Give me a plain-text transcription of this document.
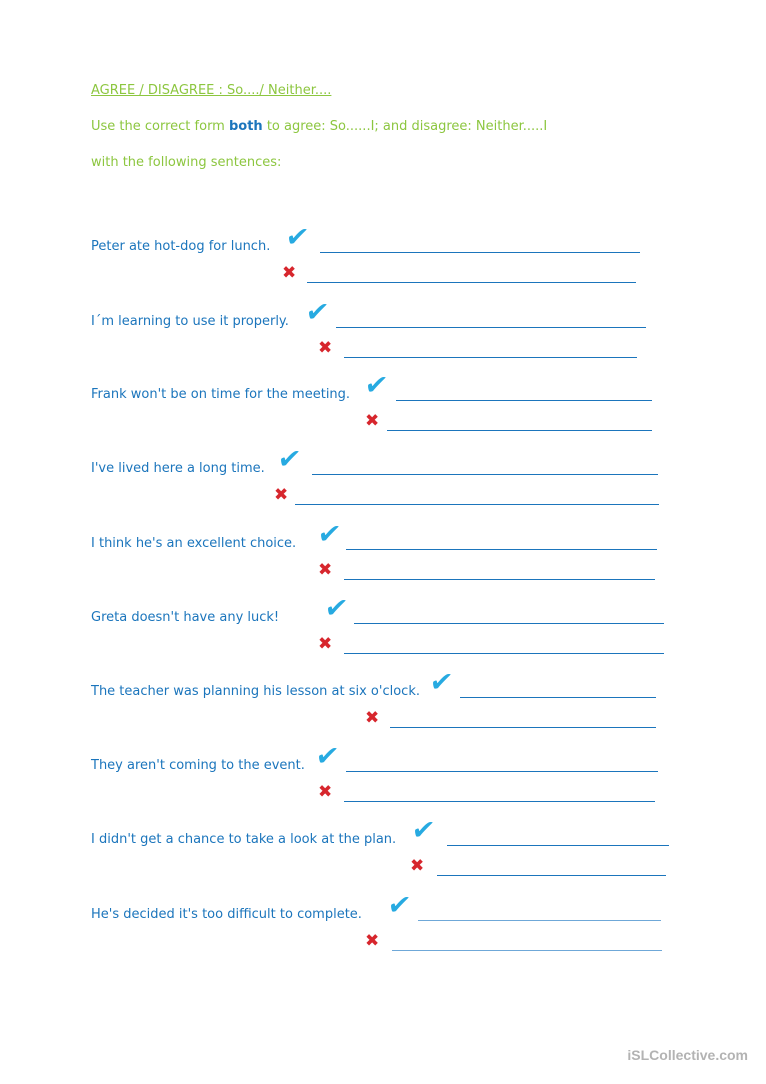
AGREE / DISAGREE : So..../ Neither....
Use the correct form both to agree: So......I; and disagree: Neither.....I
with the following sentences:
Peter ate hot-dog for lunch. ✔
✖
I´m learning to use it properly. ✔
✖
Frank won't be on time for the meeting. ✔
✖
I've lived here a long time. ✔
✖
I think he's an excellent choice. ✔
✖
Greta doesn't have any luck! ✔
✖
The teacher was planning his lesson at six o'clock. ✔
✖
They aren't coming to the event. ✔
✖
I didn't get a chance to take a look at the plan. ✔
✖
He's decided it's too difficult to complete. ✔
✖
iSLCollective.com
